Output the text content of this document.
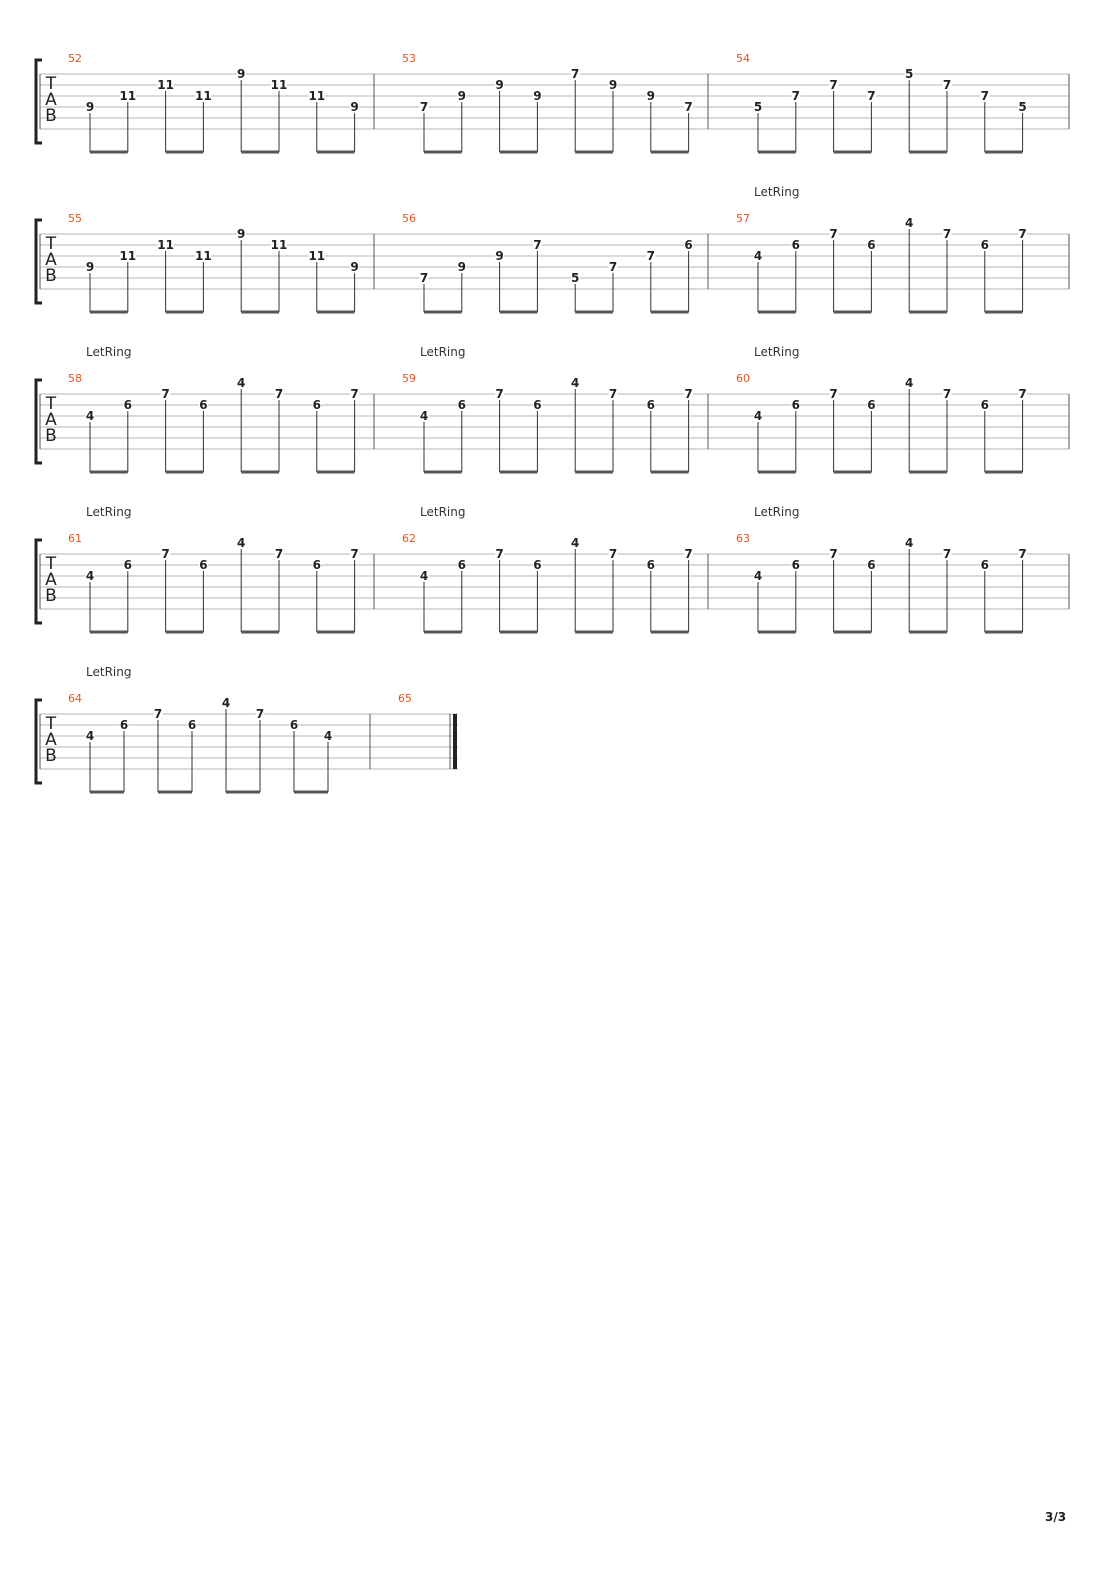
T
A
B
52
9
11
11
11
9
11
11
9
53
7
9
9
9
7
9
9
7
54
5
7
7
7
5
7
7
5
T
A
B
55
9
11
11
11
9
11
11
9
56
7
9
9
7
5
7
7
6
57
LetRing
4
6
7
6
4
7
6
7
T
A
B
58
LetRing
4
6
7
6
4
7
6
7
59
LetRing
4
6
7
6
4
7
6
7
60
LetRing
4
6
7
6
4
7
6
7
T
A
B
61
LetRing
4
6
7
6
4
7
6
7
62
LetRing
4
6
7
6
4
7
6
7
63
LetRing
4
6
7
6
4
7
6
7
T
A
B
64
LetRing
4
6
7
6
4
7
6
4
65
3/3
